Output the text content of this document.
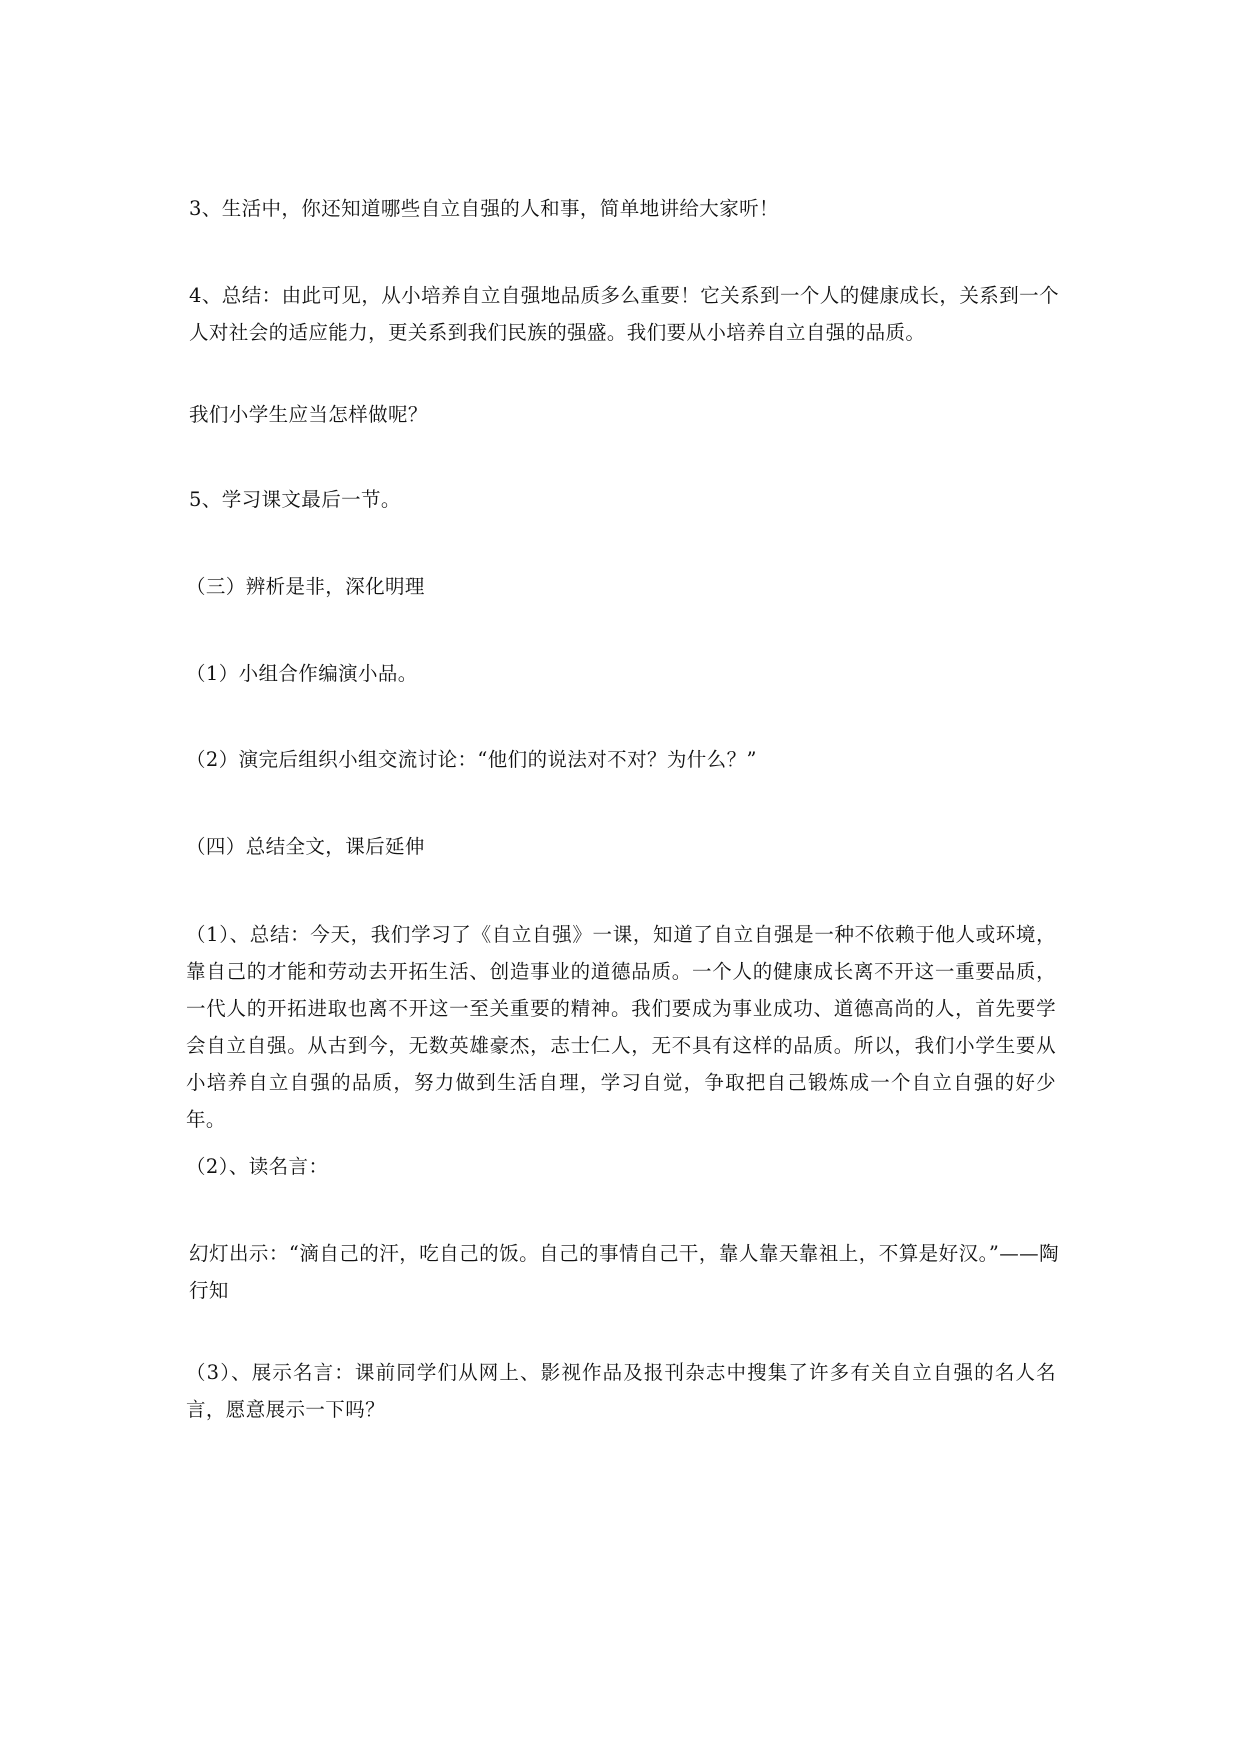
3、生活中，你还知道哪些自立自强的人和事，简单地讲给大家听！

4、总结：由此可见，从小培养自立自强地品质多么重要！它关系到一个人的健康成长，关系到一个人对社会的适应能力，更关系到我们民族的强盛。我们要从小培养自立自强的品质。

我们小学生应当怎样做呢？

5、学习课文最后一节。

（三）辨析是非，深化明理

（1）小组合作编演小品。

（2）演完后组织小组交流讨论：“他们的说法对不对？为什么？”

（四）总结全文，课后延伸

（1）、总结：今天，我们学习了《自立自强》一课，知道了自立自强是一种不依赖于他人或环境，靠自己的才能和劳动去开拓生活、创造事业的道德品质。一个人的健康成长离不开这一重要品质，一代人的开拓进取也离不开这一至关重要的精神。我们要成为事业成功、道德高尚的人，首先要学会自立自强。从古到今，无数英雄豪杰，志士仁人，无不具有这样的品质。所以，我们小学生要从小培养自立自强的品质，努力做到生活自理，学习自觉，争取把自己锻炼成一个自立自强的好少年。

（2）、读名言：

幻灯出示：“滴自己的汗，吃自己的饭。自己的事情自己干，靠人靠天靠祖上，不算是好汉。”——陶行知

（3）、展示名言：课前同学们从网上、影视作品及报刊杂志中搜集了许多有关自立自强的名人名言，愿意展示一下吗？
